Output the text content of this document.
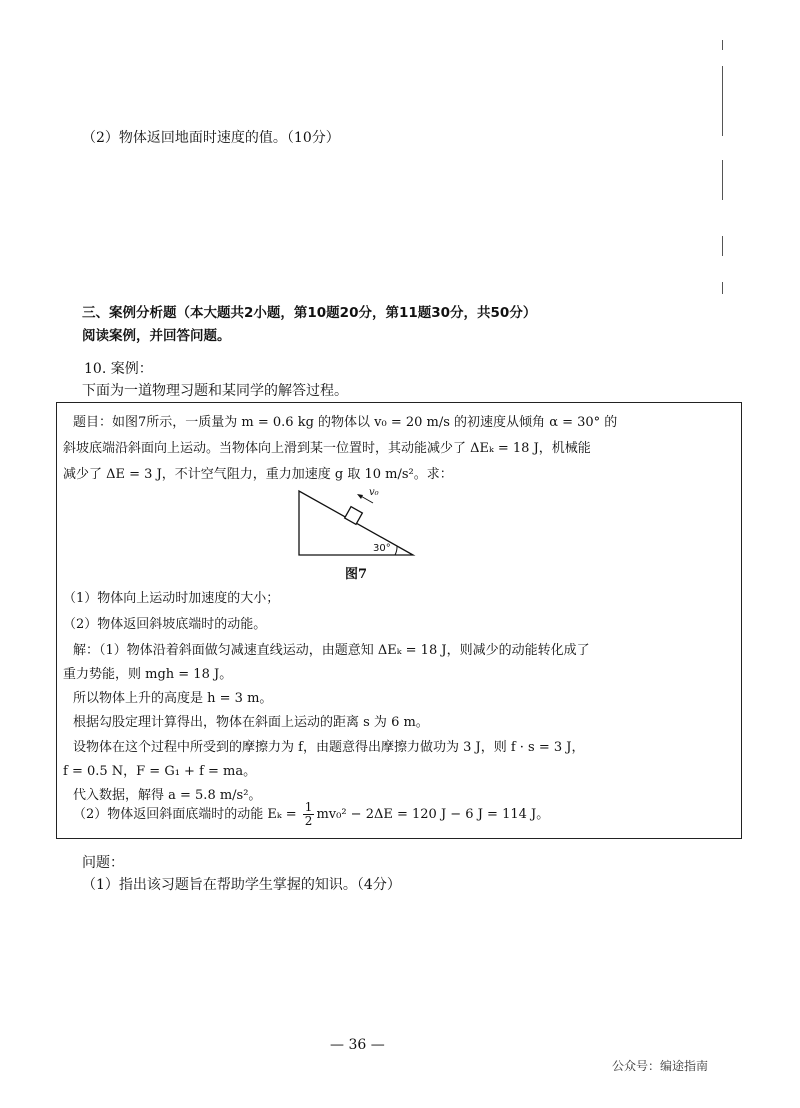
（2）物体返回地面时速度的值。（10分）
三、案例分析题（本大题共2小题，第10题20分，第11题30分，共50分）
阅读案例，并回答问题。
10. 案例：
下面为一道物理习题和某同学的解答过程。
题目：如图7所示，一质量为 m = 0.6 kg 的物体以 v₀ = 20 m/s 的初速度从倾角 α = 30° 的
斜坡底端沿斜面向上运动。当物体向上滑到某一位置时，其动能减少了 ΔEₖ = 18 J，机械能
减少了 ΔE = 3 J，不计空气阻力，重力加速度 g 取 10 m/s²。求：
v₀
30°
图7
（1）物体向上运动时加速度的大小；
（2）物体返回斜坡底端时的动能。
解：（1）物体沿着斜面做匀减速直线运动，由题意知 ΔEₖ = 18 J，则减少的动能转化成了
重力势能，则 mgh = 18 J。
所以物体上升的高度是 h = 3 m。
根据勾股定理计算得出，物体在斜面上运动的距离 s 为 6 m。
设物体在这个过程中所受到的摩擦力为 f，由题意得出摩擦力做功为 3 J，则 f · s = 3 J，
f = 0.5 N，F = G₁ + f = ma。
代入数据，解得 a = 5.8 m/s²。
（2）物体返回斜面底端时的动能 $E_k = \frac{1}{2} mv_0^2 - 2\Delta E = 120$ J − 6 J = 114 J。
问题：
（1）指出该习题旨在帮助学生掌握的知识。（4分）
— 36 —
公众号：编途指南
